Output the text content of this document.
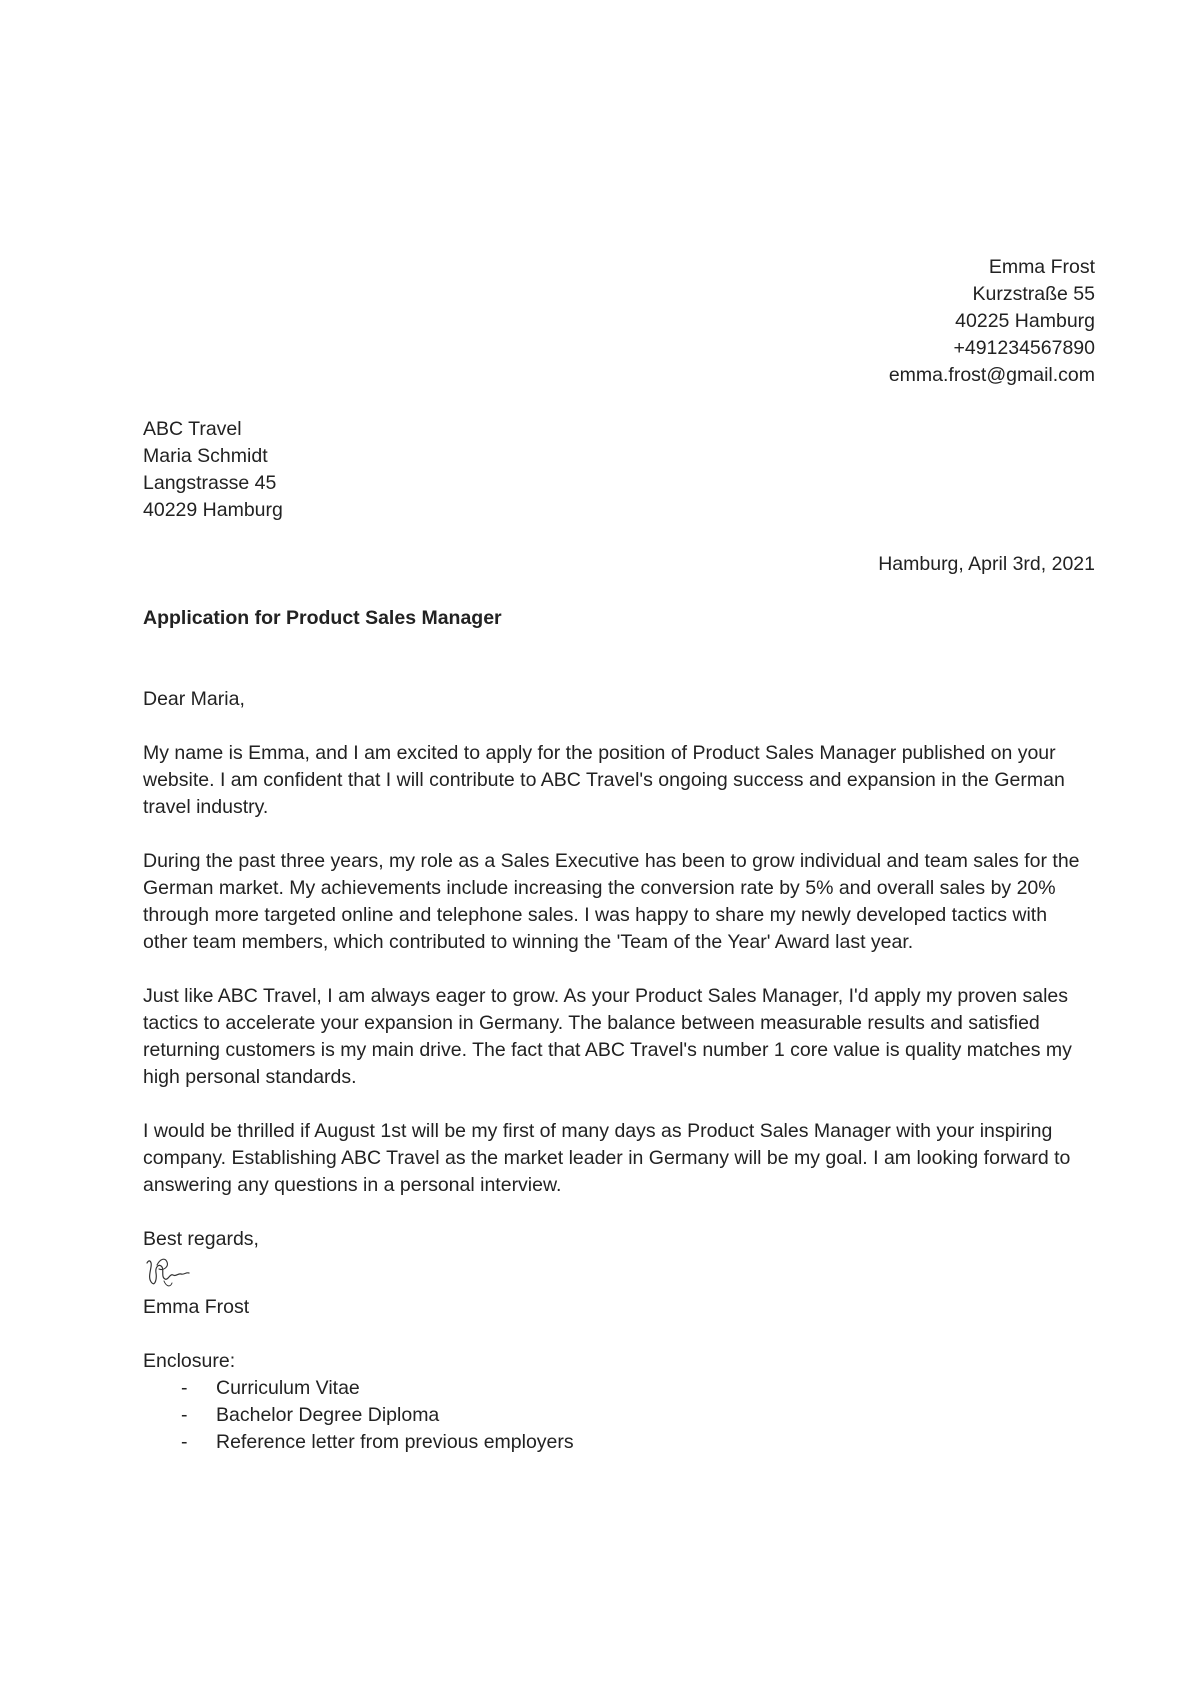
Emma Frost
Kurzstraße 55
40225 Hamburg
+491234567890
emma.frost@gmail.com
ABC Travel
Maria Schmidt
Langstrasse 45
40229 Hamburg
Hamburg, April 3rd, 2021
Application for Product Sales Manager
Dear Maria,
My name is Emma, and I am excited to apply for the position of Product Sales Manager published on your website. I am confident that I will contribute to ABC Travel's ongoing success and expansion in the German travel industry.
During the past three years, my role as a Sales Executive has been to grow individual and team sales for the German market. My achievements include increasing the conversion rate by 5% and overall sales by 20% through more targeted online and telephone sales. I was happy to share my newly developed tactics with other team members, which contributed to winning the 'Team of the Year' Award last year.
Just like ABC Travel, I am always eager to grow. As your Product Sales Manager, I'd apply my proven sales tactics to accelerate your expansion in Germany. The balance between measurable results and satisfied returning customers is my main drive. The fact that ABC Travel's number 1 core value is quality matches my high personal standards.
I would be thrilled if August 1st will be my first of many days as Product Sales Manager with your inspiring company. Establishing ABC Travel as the market leader in Germany will be my goal. I am looking forward to answering any questions in a personal interview.
Best regards,
Emma Frost
Enclosure:
- Curriculum Vitae
- Bachelor Degree Diploma
- Reference letter from previous employers
